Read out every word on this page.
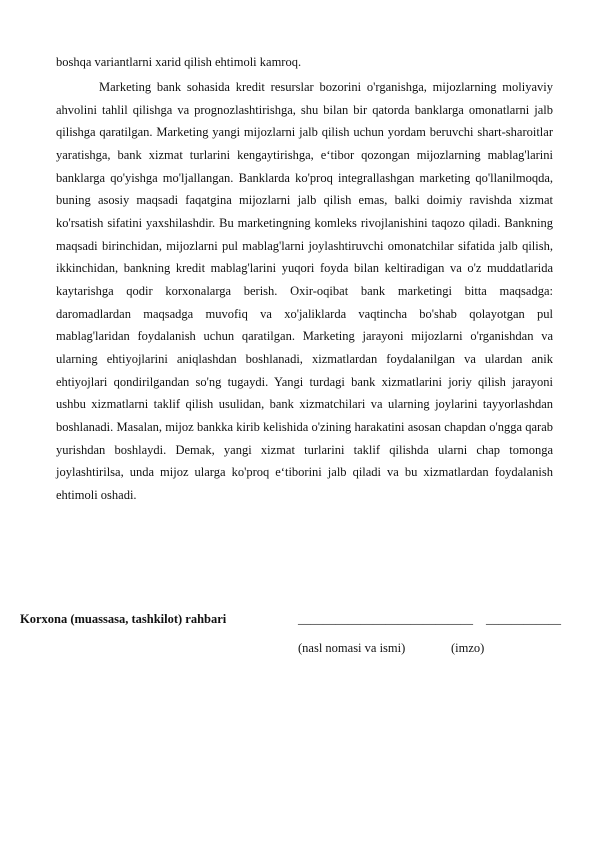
boshqa variantlarni xarid qilish ehtimoli kamroq.

Marketing bank sohasida kredit resurslar bozorini o'rganishga, mijozlarning moliyaviy ahvolini tahlil qilishga va prognozlashtirishga, shu bilan bir qatorda banklarga omonatlarni jalb qilishga qaratilgan. Marketing yangi mijozlarni jalb qilish uchun yordam beruvchi shart-sharoitlar yaratishga, bank xizmat turlarini kengaytirishga, e‘tibor qozongan mijozlarning mablag'larini banklarga qo'yishga mo'ljallangan. Banklarda ko'proq integrallashgan marketing qo'llanilmoqda, buning asosiy maqsadi faqatgina mijozlarni jalb qilish emas, balki doimiy ravishda xizmat ko'rsatish sifatini yaxshilashdir. Bu marketingning komleks rivojlanishini taqozo qiladi. Bankning maqsadi birinchidan, mijozlarni pul mablag'larni joylashtiruvchi omonatchilar sifatida jalb qilish, ikkinchidan, bankning kredit mablag'larini yuqori foyda bilan keltiradigan va o'z muddatlarida kaytarishga qodir korxonalarga berish. Oxir-oqibat bank marketingi bitta maqsadga: daromadlardan maqsadga muvofiq va xo'jaliklarda vaqtincha bo'shab qolayotgan pul mablag'laridan foydalanish uchun qaratilgan. Marketing jarayoni mijozlarni o'rganishdan va ularning ehtiyojlarini aniqlashdan boshlanadi, xizmatlardan foydalanilgan va ulardan anik ehtiyojlari qondirilgandan so'ng tugaydi. Yangi turdagi bank xizmatlarini joriy qilish jarayoni ushbu xizmatlarni taklif qilish usulidan, bank xizmatchilari va ularning joylarini tayyorlashdan boshlanadi. Masalan, mijoz bankka kirib kelishida o'zining harakatini asosan chapdan o'ngga qarab yurishdan boshlaydi. Demak, yangi xizmat turlarini taklif qilishda ularni chap tomonga joylashtirilsa, unda mijoz ularga ko'proq e‘tiborini jalb qiladi va bu xizmatlardan foydalanish ehtimoli oshadi.

Korxona (muassasa, tashkilot) rahbari	____________________________ ____________
(nasl nomasi va ismi)	(imzo)
